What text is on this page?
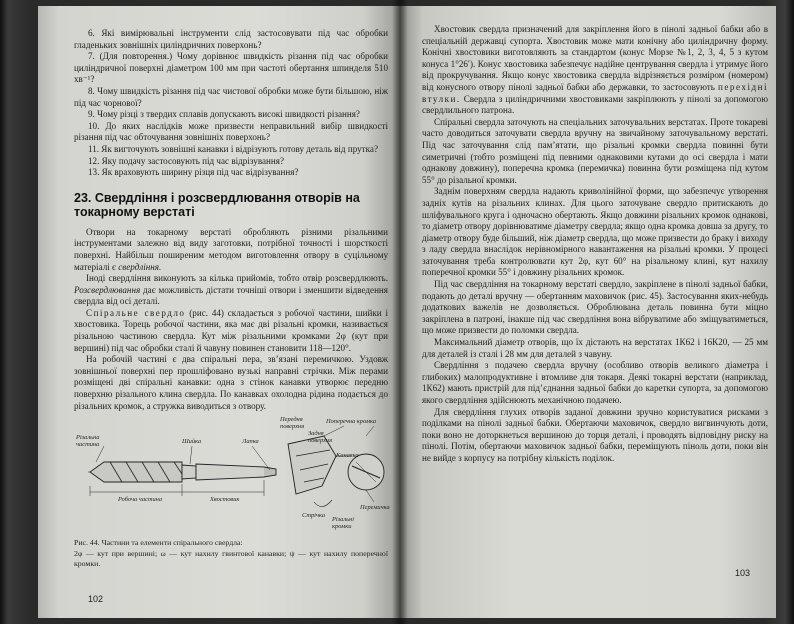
6. Які вимірювальні інструменти слід застосовувати під час обробки гладеньких зовнішніх циліндричних поверхонь?

7. (Для повторення.) Чому дорівнює швидкість різання під час обробки циліндричної поверхні діаметром 100 мм при частоті обертання шпинделя 510 хв⁻¹?

8. Чому швидкість різання під час чистової обробки може бути більшою, ніж під час чорнової?

9. Чому різці з твердих сплавів допускають високі швидкості різання?

10. До яких наслідків може призвести неправильний вибір швидкості різання під час обточування зовнішніх поверхонь?

11. Як вигточують зовнішні канавки і відрізують готову деталь від прутка?

12. Яку подачу застосовують під час відрізування?

13. Як враховують ширину різця під час відрізування?

23. Свердління і розсвердлювання отворів на токарному верстаті

Отвори на токарному верстаті обробляють різними різальними інструментами залежно від виду заготовки, потрібної точності і шорсткості поверхні. Найбільш поширеним методом виготовлення отвору в суцільному матеріалі є свердління.

Іноді свердління виконують за кілька прийомів, тобто отвір розсвердлюють. Розсвердлювання дає можливість дістати точніші отвори і зменшити відведення свердла від осі деталі.

Спіральне свердло (рис. 44) складається з робочої частини, шийки і хвостовика. Торець робочої частини, яка має дві різальні кромки, називається різальною частиною свердла. Кут між різальними кромками 2φ (кут при вершині) під час обробки сталі й чавуну повинен становити 118—120°.

На робочій частині є два спіральні пера, зв’язані перемичкою. Уздовж зовнішньої поверхні пер прошліфовано вузькі направні стрічки. Між перами розміщені дві спіральні канавки: одна з стінок канавки утворює передню поверхню різального клина свердла. По канавках охолодна рідина подається до різальних кромок, а стружка виводиться з отвору.

Різальна частина	Шийка	Лапка
Робоча частина	Хвостовик
Передня поверхня
Задня поверхня
Поперечна кромка
Стрічка
Канавка
Різальні кромки
Перемичка

Рис. 44. Частини та елементи спірального свердла:

2φ — кут при вершині; ω — кут нахилу гвинтової канавки; ψ — кут нахилу поперечної кромки.

102

Хвостовик свердла призначений для закріплення його в пінолі задньої бабки або в спеціальній державці супорта. Хвостовик може мати конічну або циліндричну форму. Конічні хвостовики виготовляють за стандартом (конус Морзе №1, 2, 3, 4, 5 з кутом конуса 1°26′). Конус хвостовика забезпечує надійне центрування свердла і утримує його від прокручування. Якщо конус хвостовика свердла відрізняється розміром (номером) від конусного отвору пінолі задньої бабки або державки, то застосовують перехідні втулки. Свердла з циліндричними хвостовиками закріплюють у пінолі за допомогою свердлильного патрона.

Спіральні свердла заточують на спеціальних заточувальних верстатах. Проте токареві часто доводиться заточувати свердла вручну на звичайному заточувальному верстаті. Під час заточування слід пам’ятати, що різальні кромки свердла повинні бути симетричні (тобто розміщені під певними однаковими кутами до осі свердла і мати однакову довжину), поперечна кромка (перемичка) повинна бути розміщена під кутом 55° до різальної кромки.

Заднім поверхням свердла надають криволінійної форми, що забезпечує утворення задніх кутів на різальних клинах. Для цього заточуване свердло притискають до шліфувального круга і одночасно обертають. Якщо довжини різальних кромок однакові, то діаметр отвору дорівнюватиме діаметру свердла; якщо одна кромка довша за другу, то діаметр отвору буде більший, ніж діаметр свердла, що може призвести до браку і виходу з ладу свердла внаслідок нерівномірного навантаження на різальні кромки. У процесі заточування треба контролювати кут 2φ, кут 60° на різальному клині, кут нахилу поперечної кромки 55° і довжину різальних кромок.

Під час свердління на токарному верстаті свердло, закріплене в пінолі задньої бабки, подають до деталі вручну — обертанням маховичок (рис. 45). Застосування яких-небудь додаткових важелів не дозволяється. Оброблювана деталь повинна бути міцно закріплена в патроні, інакше під час свердління вона вібруватиме або зміщуватиметься, що може призвести до поломки свердла.

Максимальний діаметр отворів, що їх дістають на верстатах 1К62 і 16К20, — 25 мм для деталей із сталі і 28 мм для деталей з чавуну.

Свердління з подачею свердла вручну (особливо отворів великого діаметра і глибоких) малопродуктивне і втомливе для токаря. Деякі токарні верстати (наприклад, 1К62) мають пристрій для під’єднання задньої бабки до каретки супорта, за допомогою якого свердління здійснюють механічною подачею.

Для свердління глухих отворів заданої довжини зручно користуватися рисками з поділками на пінолі задньої бабки. Обертаючи маховичок, свердло вигвинчують доти, поки воно не доторкнеться вершиною до торця деталі, і проводять відповідну риску на пінолі. Потім, обертаючи маховичок задньої бабки, переміщують піноль доти, поки він не вийде з корпусу на потрібну кількість поділок.

103
